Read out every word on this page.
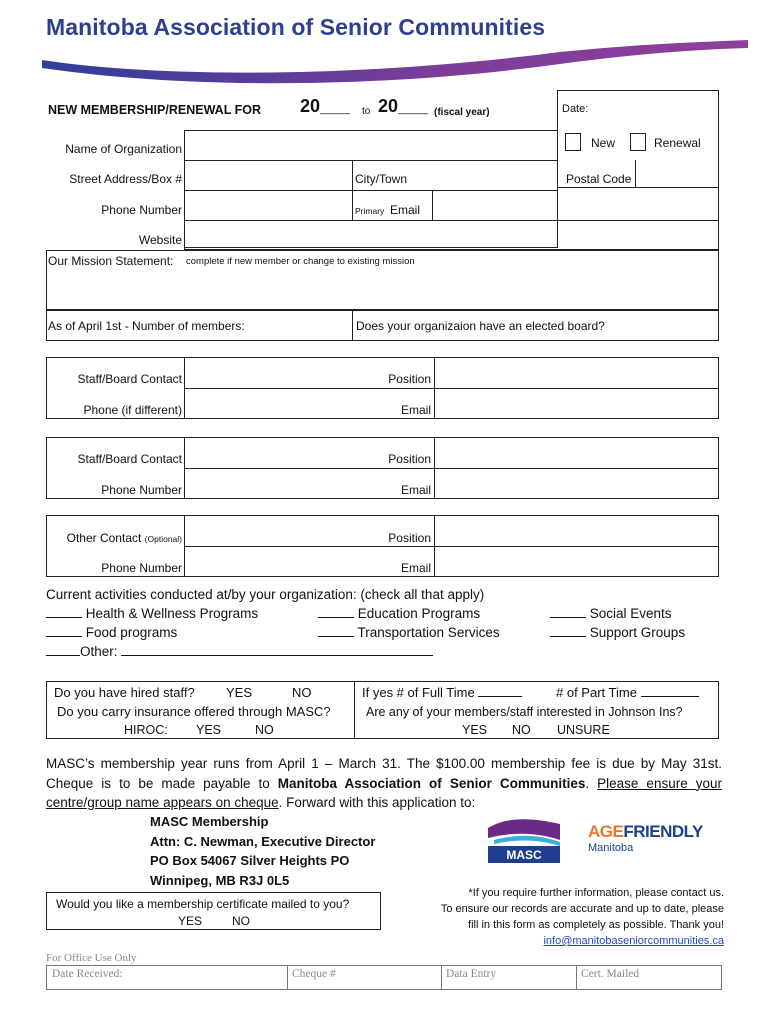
Manitoba Association of Senior Communities
NEW MEMBERSHIP/RENEWAL FOR 20___ to 20___ (fiscal year)	Date:
New	Renewal
Name of Organization
Street Address/Box #	City/Town	Postal Code
Phone Number	Primary Email
Website
Our Mission Statement: complete if new member or change to existing mission
As of April 1st - Number of members:	Does your organizaion have an elected board?
Staff/Board Contact	Position
Phone (if different)	Email
Staff/Board Contact	Position
Phone Number	Email
Other Contact (Optional)	Position
Phone Number	Email
Current activities conducted at/by your organization: (check all that apply)
Health & Wellness Programs	Education Programs	Social Events
Food programs	Transportation Services	Support Groups
Other:
Do you have hired staff? YES	NO
Do you carry insurance offered through MASC?
HIROC: YES	NO
If yes # of Full Time	# of Part Time
Are any of your members/staff interested in Johnson Ins?
YES NO UNSURE
MASC’s membership year runs from April 1 – March 31. The $100.00 membership fee is due by May 31st. Cheque is to be made payable to Manitoba Association of Senior Communities. Please ensure your centre/group name appears on cheque. Forward with this application to:
MASC Membership
Attn: C. Newman, Executive Director
PO Box 54067 Silver Heights PO
Winnipeg, MB R3J 0L5
MASC
AGEFRIENDLY
Manitoba
Would you like a membership certificate mailed to you?
YES NO
*If you require further information, please contact us.
To ensure our records are accurate and up to date, please
fill in this form as completely as possible. Thank you!
info@manitobaseniorcommunities.ca
For Office Use Only
Date Received:	Cheque #	Data Entry	Cert. Mailed
